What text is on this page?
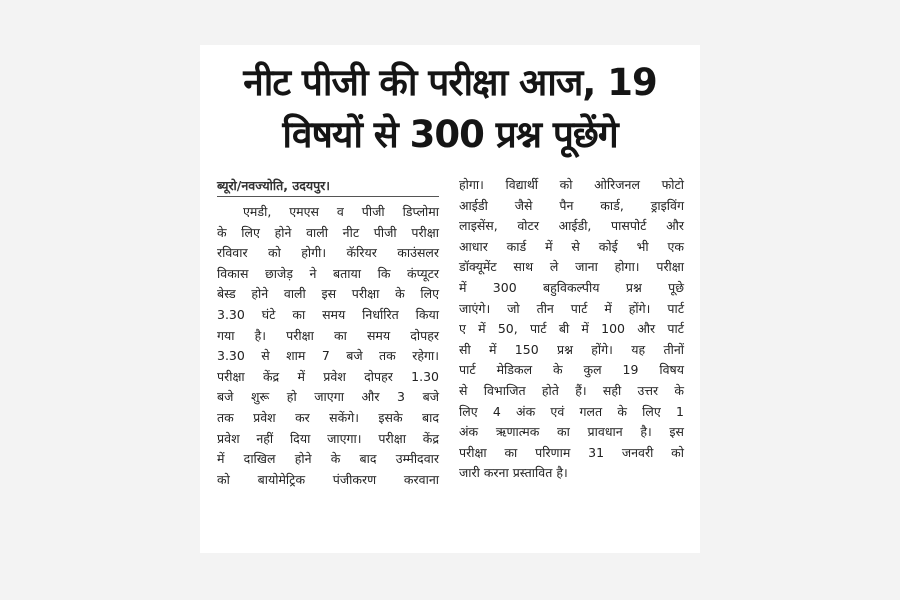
नीट पीजी की परीक्षा आज, 19
विषयों से 300 प्रश्न पूछेंगे
ब्यूरो/नवज्योति, उदयपुर।
एमडी, एमएस व पीजी डिप्लोमा
के लिए होने वाली नीट पीजी परीक्षा
रविवार को होगी। कॅरियर काउंसलर
विकास छाजेड़ ने बताया कि कंप्यूटर
बेस्ड होने वाली इस परीक्षा के लिए
3.30 घंटे का समय निर्धारित किया
गया है। परीक्षा का समय दोपहर
3.30 से शाम 7 बजे तक रहेगा।
परीक्षा केंद्र में प्रवेश दोपहर 1.30
बजे शुरू हो जाएगा और 3 बजे
तक प्रवेश कर सकेंगे। इसके बाद
प्रवेश नहीं दिया जाएगा। परीक्षा केंद्र
में दाखिल होने के बाद उम्मीदवार
को बायोमेट्रिक पंजीकरण करवाना
होगा। विद्यार्थी को ओरिजनल फोटो
आईडी जैसे पैन कार्ड, ड्राइविंग
लाइसेंस, वोटर आईडी, पासपोर्ट और
आधार कार्ड में से कोई भी एक
डॉक्यूमेंट साथ ले जाना होगा। परीक्षा
में 300 बहुविकल्पीय प्रश्न पूछे
जाएंगे। जो तीन पार्ट में होंगे। पार्ट
ए में 50, पार्ट बी में 100 और पार्ट
सी में 150 प्रश्न होंगे। यह तीनों
पार्ट मेडिकल के कुल 19 विषय
से विभाजित होते हैं। सही उत्तर के
लिए 4 अंक एवं गलत के लिए 1
अंक ऋणात्मक का प्रावधान है। इस
परीक्षा का परिणाम 31 जनवरी को
जारी करना प्रस्तावित है।
